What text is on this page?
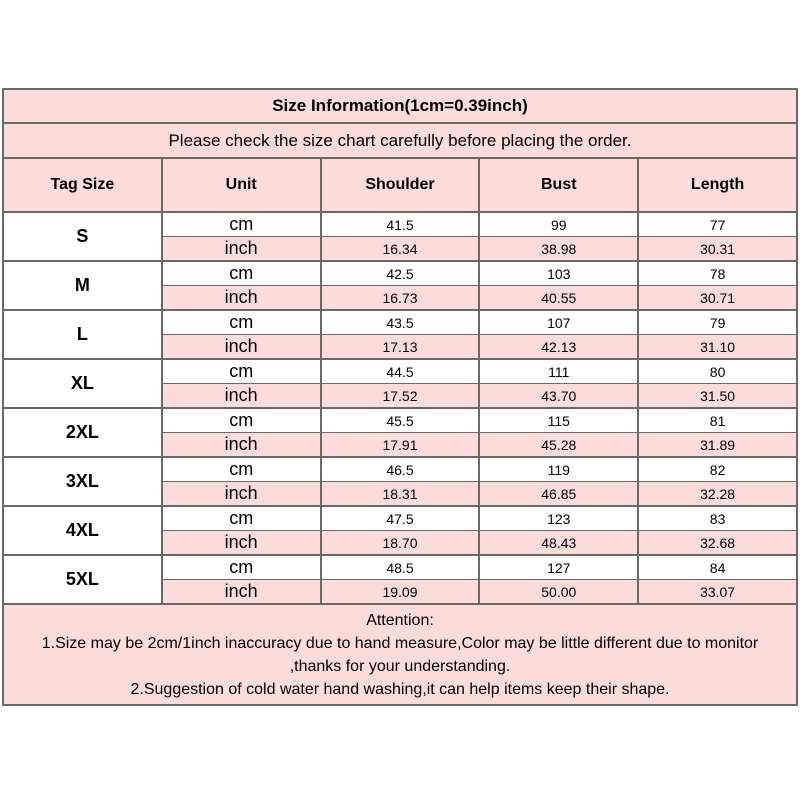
Size Information(1cm=0.39inch)				
Please check the size chart carefully before placing the order.				
Tag Size	Unit	Shoulder	Bust	Length
S	cm	41.5	99	77
	inch	16.34	38.98	30.31
M	cm	42.5	103	78
	inch	16.73	40.55	30.71
L	cm	43.5	107	79
	inch	17.13	42.13	31.10
XL	cm	44.5	111	80
	inch	17.52	43.70	31.50
2XL	cm	45.5	115	81
	inch	17.91	45.28	31.89
3XL	cm	46.5	119	82
	inch	18.31	46.85	32.28
4XL	cm	47.5	123	83
	inch	18.70	48.43	32.68
5XL	cm	48.5	127	84
	inch	19.09	50.00	33.07

Attention:
1.Size may be 2cm/1inch inaccuracy due to hand measure,Color may be little different due to monitor
,thanks for your understanding.
2.Suggestion of cold water hand washing,it can help items keep their shape.				
